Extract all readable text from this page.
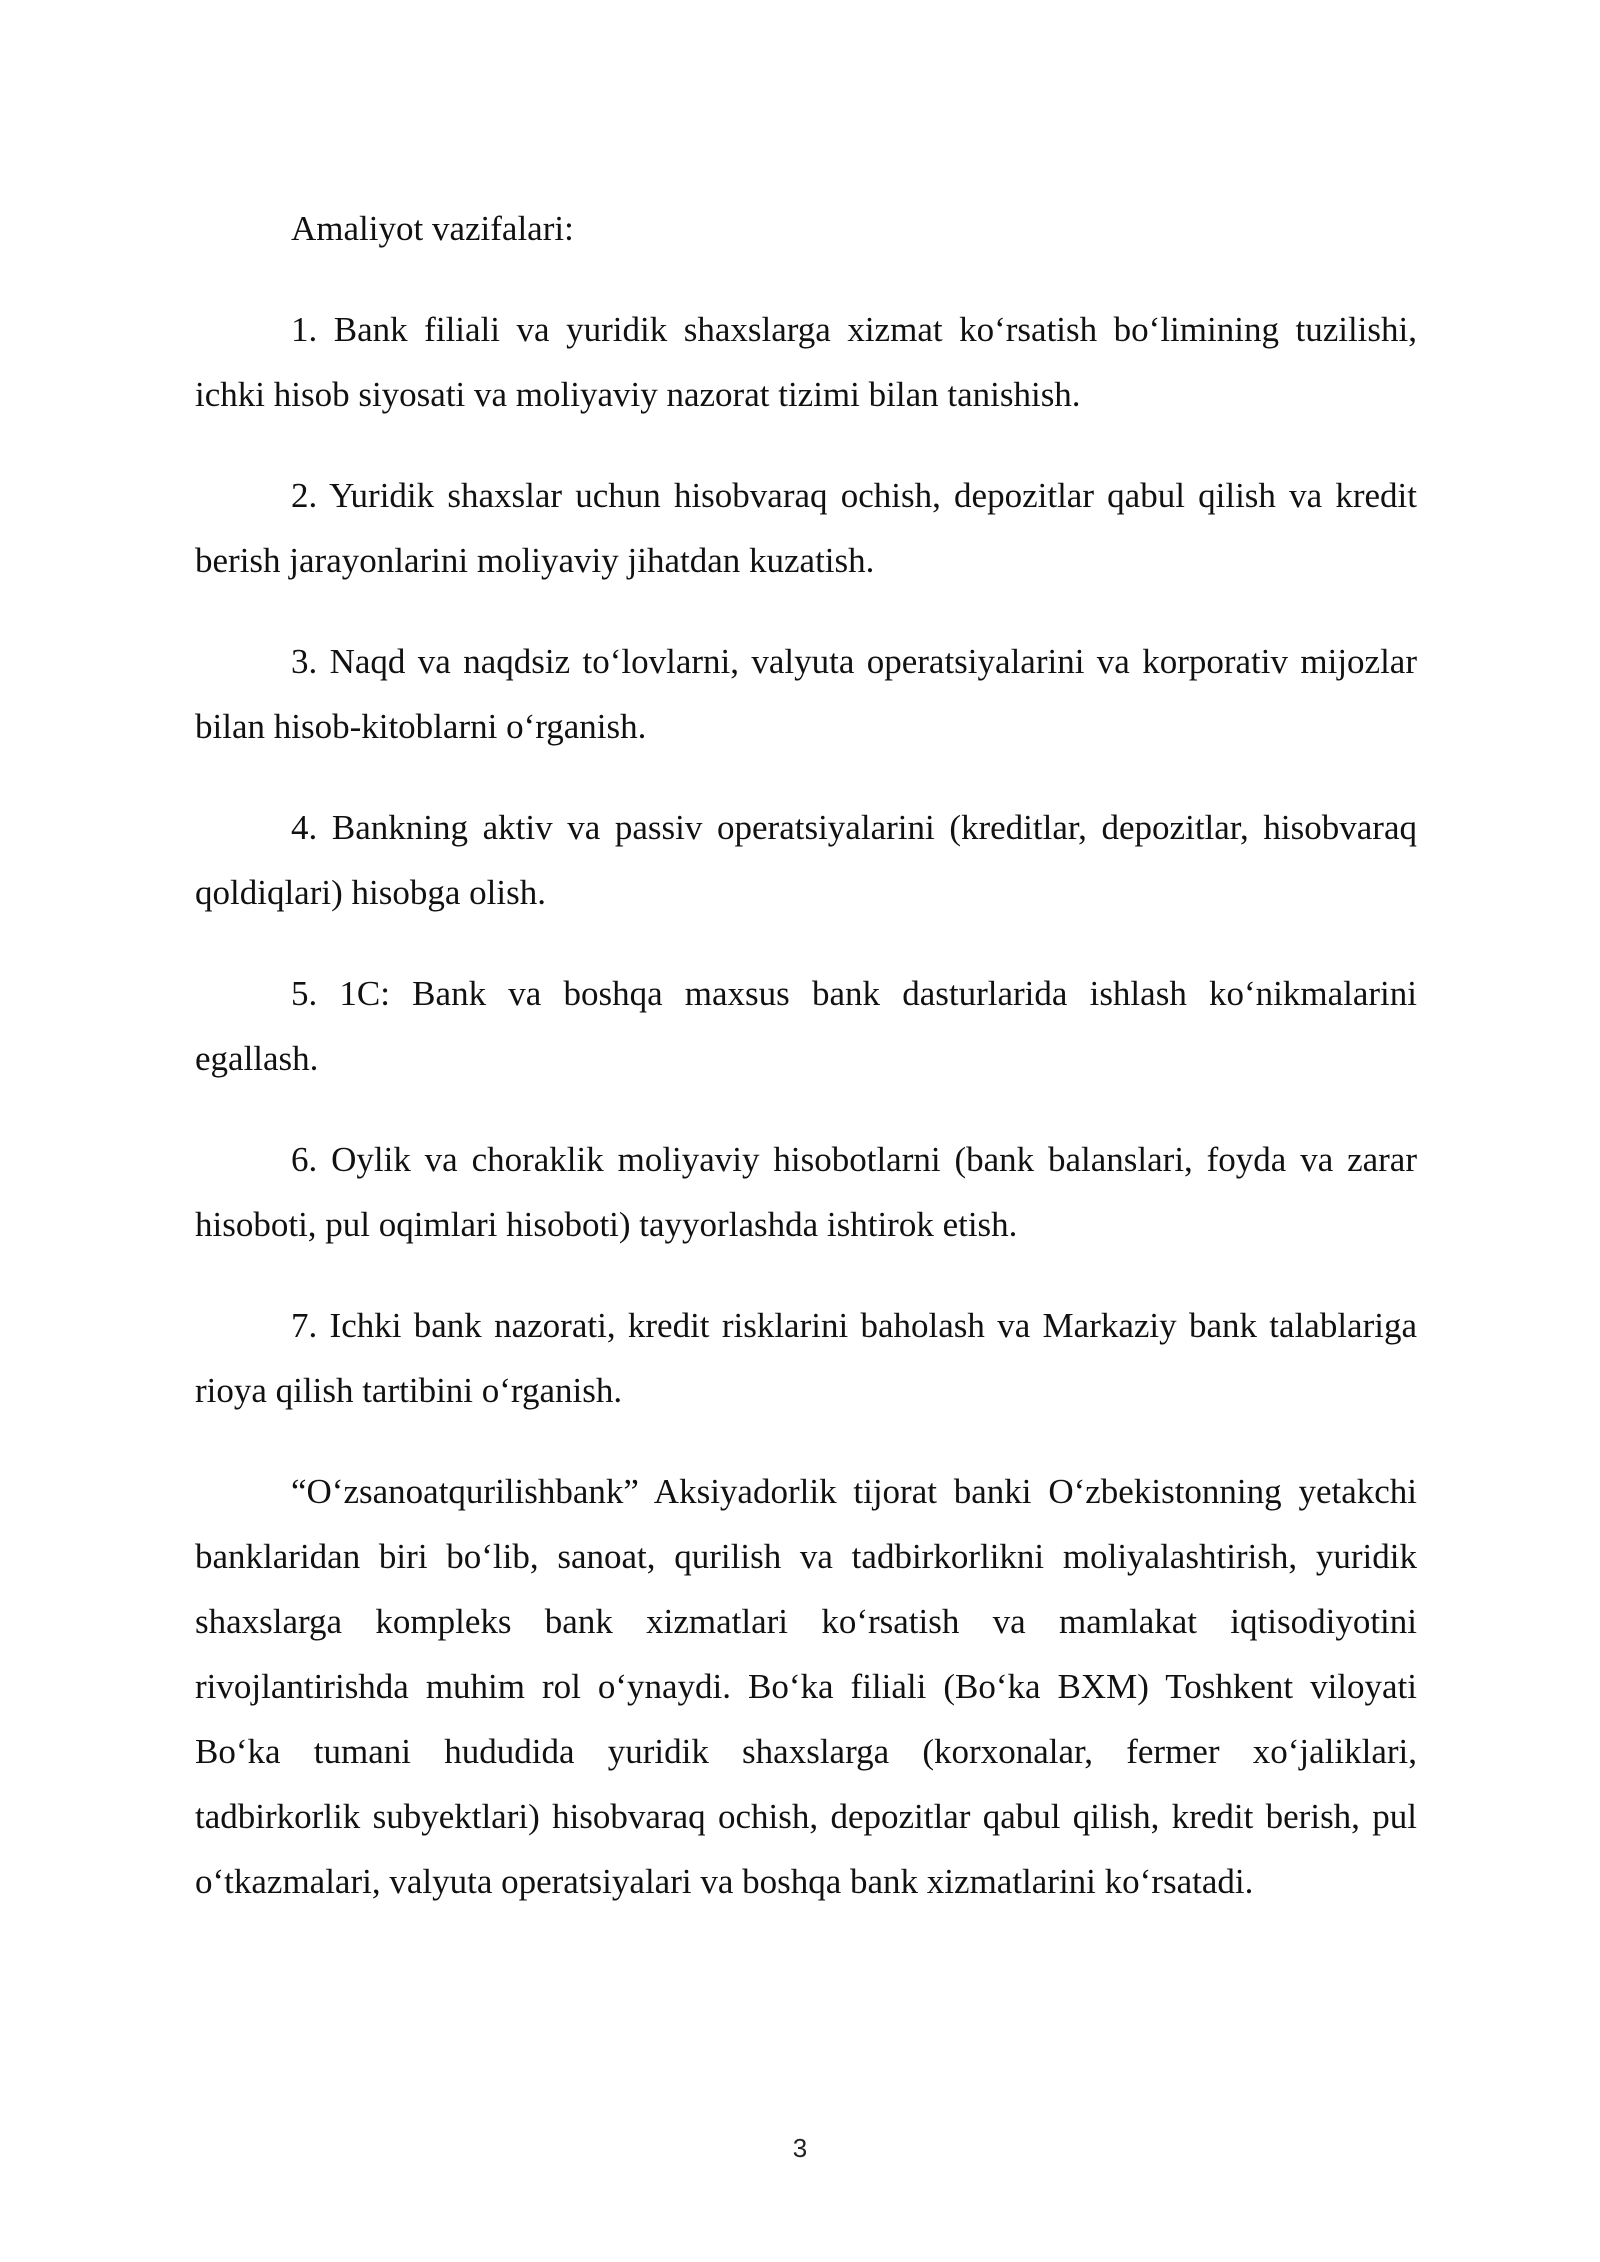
Amaliyot vazifalari:

1. Bank filiali va yuridik shaxslarga xizmat ko‘rsatish bo‘limining tuzilishi, ichki hisob siyosati va moliyaviy nazorat tizimi bilan tanishish.

2. Yuridik shaxslar uchun hisobvaraq ochish, depozitlar qabul qilish va kredit berish jarayonlarini moliyaviy jihatdan kuzatish.

3. Naqd va naqdsiz to‘lovlarni, valyuta operatsiyalarini va korporativ mijozlar bilan hisob-kitoblarni o‘rganish.

4. Bankning aktiv va passiv operatsiyalarini (kreditlar, depozitlar, hisobvaraq qoldiqlari) hisobga olish.

5. 1C: Bank va boshqa maxsus bank dasturlarida ishlash ko‘nikmalarini egallash.

6. Oylik va choraklik moliyaviy hisobotlarni (bank balanslari, foyda va zarar hisoboti, pul oqimlari hisoboti) tayyorlashda ishtirok etish.

7. Ichki bank nazorati, kredit risklarini baholash va Markaziy bank talablariga rioya qilish tartibini o‘rganish.

“O‘zsanoatqurilishbank” Aksiyadorlik tijorat banki O‘zbekistonning yetakchi banklaridan biri bo‘lib, sanoat, qurilish va tadbirkorlikni moliyalashtirish, yuridik shaxslarga kompleks bank xizmatlari ko‘rsatish va mamlakat iqtisodiyotini rivojlantirishda muhim rol o‘ynaydi. Bo‘ka filiali (Bo‘ka BXM) Toshkent viloyati Bo‘ka tumani hududida yuridik shaxslarga (korxonalar, fermer xo‘jaliklari, tadbirkorlik subyektlari) hisobvaraq ochish, depozitlar qabul qilish, kredit berish, pul o‘tkazmalari, valyuta operatsiyalari va boshqa bank xizmatlarini ko‘rsatadi.

3
